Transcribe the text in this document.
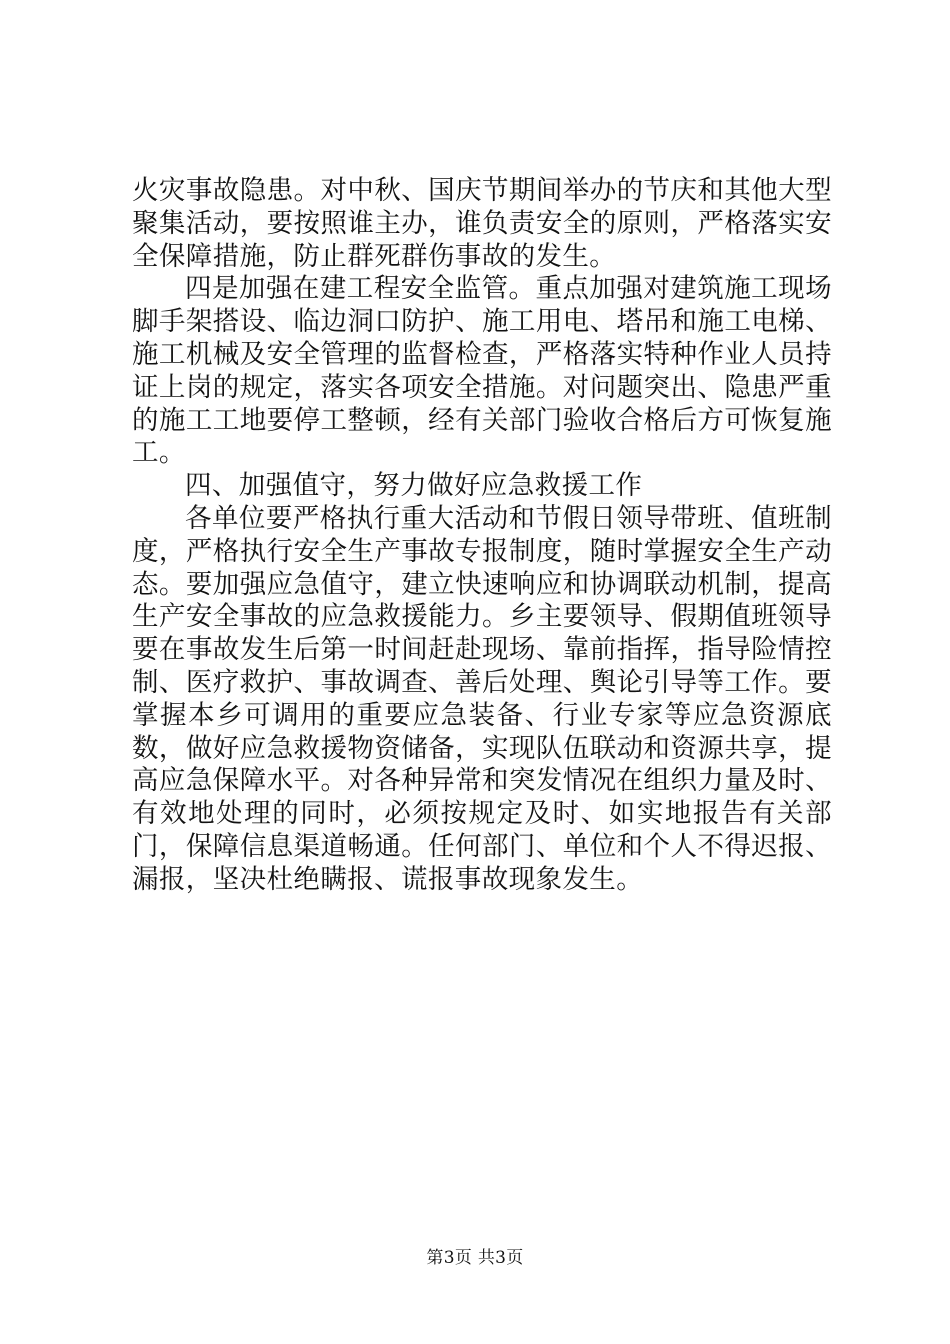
火灾事故隐患。对中秋、国庆节期间举办的节庆和其他大型聚集活动，要按照谁主办，谁负责安全的原则，严格落实安全保障措施，防止群死群伤事故的发生。

四是加强在建工程安全监管。重点加强对建筑施工现场脚手架搭设、临边洞口防护、施工用电、塔吊和施工电梯、施工机械及安全管理的监督检查，严格落实特种作业人员持证上岗的规定，落实各项安全措施。对问题突出、隐患严重的施工工地要停工整顿，经有关部门验收合格后方可恢复施工。

四、加强值守，努力做好应急救援工作

各单位要严格执行重大活动和节假日领导带班、值班制度，严格执行安全生产事故专报制度，随时掌握安全生产动态。要加强应急值守，建立快速响应和协调联动机制，提高生产安全事故的应急救援能力。乡主要领导、假期值班领导要在事故发生后第一时间赶赴现场、靠前指挥，指导险情控制、医疗救护、事故调查、善后处理、舆论引导等工作。要掌握本乡可调用的重要应急装备、行业专家等应急资源底数，做好应急救援物资储备，实现队伍联动和资源共享，提高应急保障水平。对各种异常和突发情况在组织力量及时、有效地处理的同时，必须按规定及时、如实地报告有关部门，保障信息渠道畅通。任何部门、单位和个人不得迟报、漏报，坚决杜绝瞒报、谎报事故现象发生。

第3页 共3页
